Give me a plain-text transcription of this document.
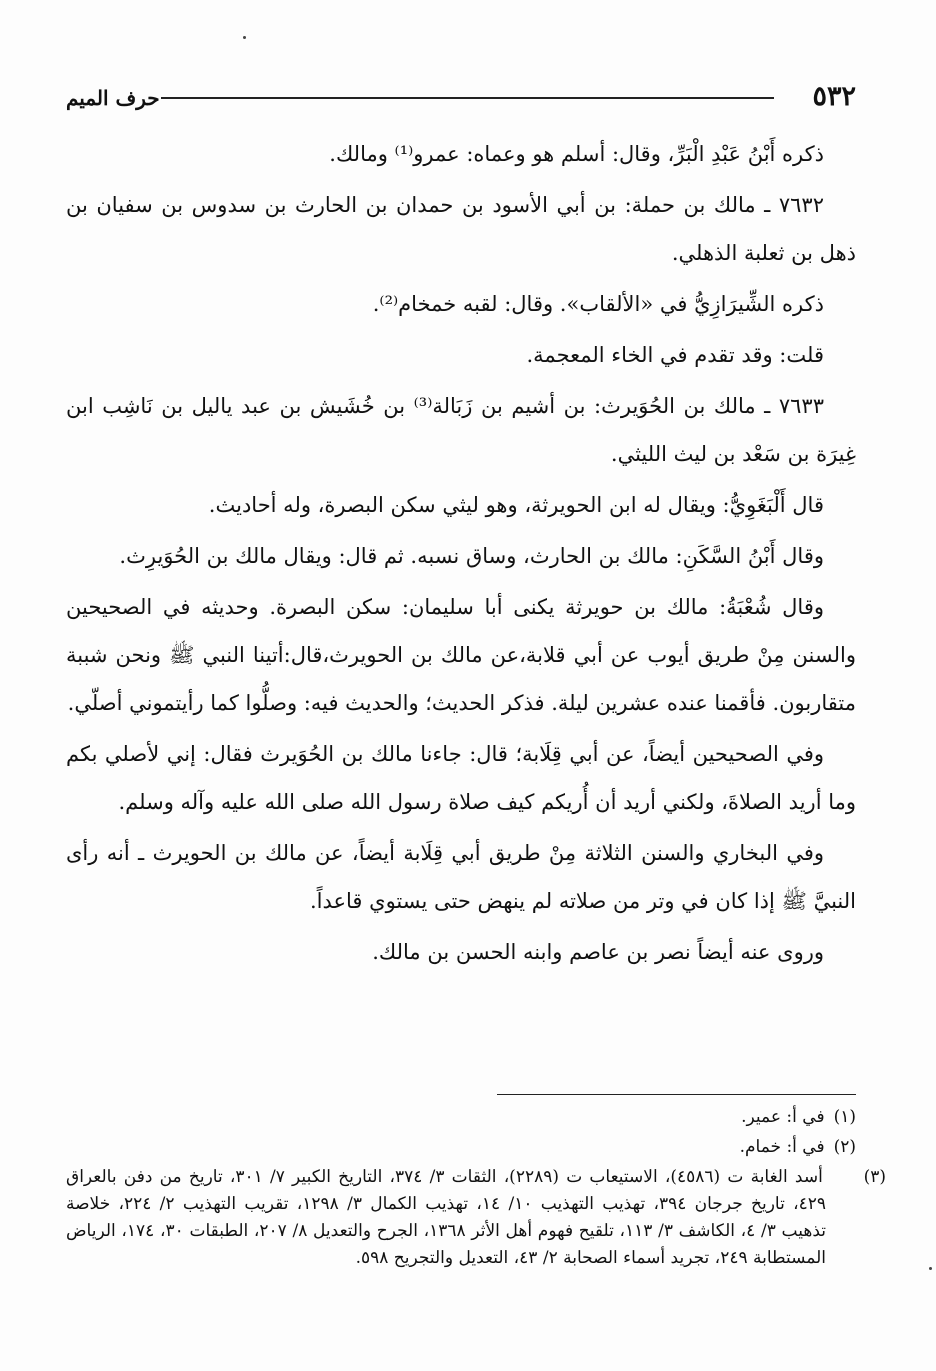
٥٣٢
حرف الميم

ذكره أَبْنُ عَبْدِ الْبَرِّ، وقال: أسلم هو وعماه: عمرو⁽¹⁾ ومالك.

٧٦٣٢ ـ مالك بن حملة: بن أبي الأسود بن حمدان بن الحارث بن سدوس بن سفيان بن ذهل بن ثعلبة الذهلي.

ذكره الشِّيرَازِيُّ في «الألقاب». وقال: لقبه خمخام⁽²⁾.

قلت: وقد تقدم في الخاء المعجمة.

٧٦٣٣ ـ مالك بن الحُوَيرث: بن أشيم بن زَبَالة⁽³⁾ بن خُشَيش بن عبد ياليل بن نَاشِب ابن غِيرَة بن سَعْد بن ليث الليثي.

قال أَلْبَغَوِيُّ: ويقال له ابن الحويرثة، وهو ليثي سكن البصرة، وله أحاديث.

وقال أَبْنُ السَّكَنِ: مالك بن الحارث، وساق نسبه. ثم قال: ويقال مالك بن الحُوَيرِث.

وقال شُعْبَةُ: مالك بن حويرثة يكنى أبا سليمان: سكن البصرة. وحديثه في الصحيحين والسنن مِنْ طريق أيوب عن أبي قلابة،عن مالك بن الحويرث،قال:أتينا النبي ﷺ ونحن شببة متقاربون. فأقمنا عنده عشرين ليلة. فذكر الحديث؛ والحديث فيه: وصلُّوا كما رأيتموني أصلّي.

وفي الصحيحين أيضاً، عن أبي قِلَابة؛ قال: جاءنا مالك بن الحُوَيرث فقال: إني لأصلي بكم وما أريد الصلاةَ، ولكني أريد أن أُريكم كيف صلاة رسول الله صلى الله عليه وآله وسلم.

وفي البخاري والسنن الثلاثة مِنْ طريق أبي قِلَابة أيضاً، عن مالك بن الحويرث ـ أنه رأى النبيَّ ﷺ إذا كان في وتر من صلاته لم ينهض حتى يستوي قاعداً.

وروى عنه أيضاً نصر بن عاصم وابنه الحسن بن مالك.

(١) في أ: عمير.

(٢) في أ: خمام.

(٣) أسد الغابة ت (٤٥٨٦)، الاستيعاب ت (٢٢٨٩)، الثقات ٣/ ٣٧٤، التاريخ الكبير ٧/ ٣٠١، تاريخ من دفن بالعراق ٤٢٩، تاريخ جرجان ٣٩٤، تهذيب التهذيب ١٠/ ١٤، تهذيب الكمال ٣/ ١٢٩٨، تقريب التهذيب ٢/ ٢٢٤، خلاصة تذهيب ٣/ ٤، الكاشف ٣/ ١١٣، تلقيح فهوم أهل الأثر ١٣٦٨، الجرح والتعديل ٨/ ٢٠٧، الطبقات ٣٠، ١٧٤، الرياض المستطابة ٢٤٩، تجريد أسماء الصحابة ٢/ ٤٣، التعديل والتجريح ٥٩٨.
